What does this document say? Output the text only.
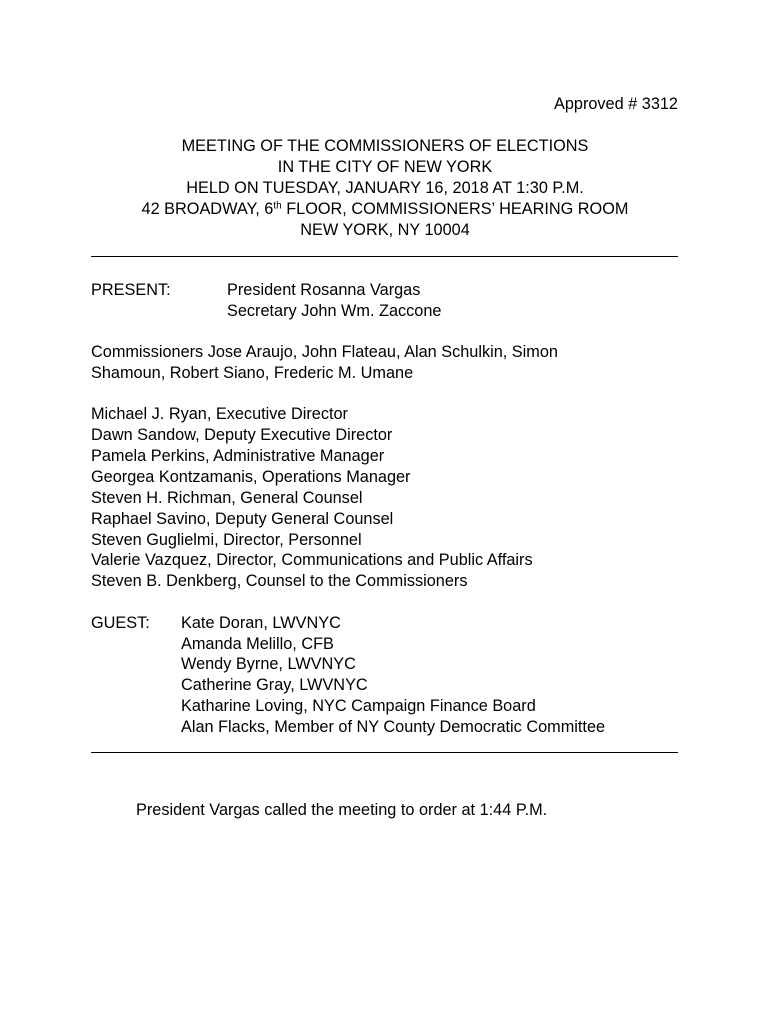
Approved # 3312
MEETING OF THE COMMISSIONERS OF ELECTIONS
IN THE CITY OF NEW YORK
HELD ON TUESDAY, JANUARY 16, 2018 AT 1:30 P.M.
42 BROADWAY, 6th FLOOR, COMMISSIONERS’ HEARING ROOM
NEW YORK, NY 10004
PRESENT:	President Rosanna Vargas
Secretary John Wm. Zaccone
Commissioners Jose Araujo, John Flateau, Alan Schulkin, Simon
Shamoun, Robert Siano, Frederic M. Umane
Michael J. Ryan, Executive Director
Dawn Sandow, Deputy Executive Director
Pamela Perkins, Administrative Manager
Georgea Kontzamanis, Operations Manager
Steven H. Richman, General Counsel
Raphael Savino, Deputy General Counsel
Steven Guglielmi, Director, Personnel
Valerie Vazquez, Director, Communications and Public Affairs
Steven B. Denkberg, Counsel to the Commissioners
GUEST: Kate Doran, LWVNYC
Amanda Melillo, CFB
Wendy Byrne, LWVNYC
Catherine Gray, LWVNYC
Katharine Loving, NYC Campaign Finance Board
Alan Flacks, Member of NY County Democratic Committee
President Vargas called the meeting to order at 1:44 P.M.
